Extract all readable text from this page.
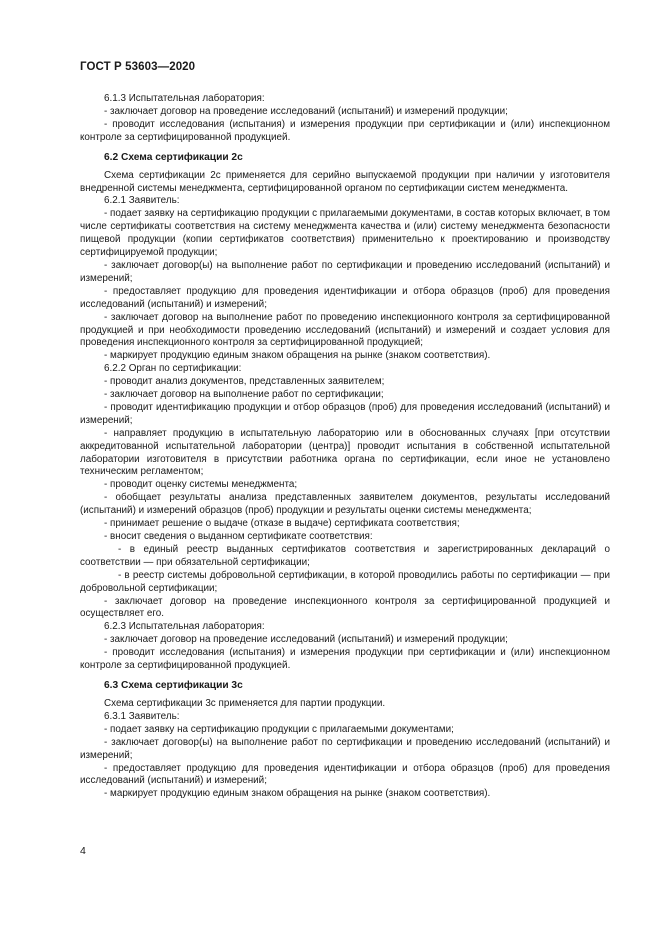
ГОСТ Р 53603—2020

6.1.3 Испытательная лаборатория:

- заключает договор на проведение исследований (испытаний) и измерений продукции;

- проводит исследования (испытания) и измерения продукции при сертификации и (или) инспекционном контроле за сертифицированной продукцией.

6.2 Схема сертификации 2с

Схема сертификации 2с применяется для серийно выпускаемой продукции при наличии у изготовителя внедренной системы менеджмента, сертифицированной органом по сертификации систем менеджмента.

6.2.1 Заявитель:

- подает заявку на сертификацию продукции с прилагаемыми документами, в состав которых включает, в том числе сертификаты соответствия на систему менеджмента качества и (или) систему менеджмента безопасности пищевой продукции (копии сертификатов соответствия) применительно к проектированию и производству сертифицируемой продукции;

- заключает договор(ы) на выполнение работ по сертификации и проведению исследований (испытаний) и измерений;

- предоставляет продукцию для проведения идентификации и отбора образцов (проб) для проведения исследований (испытаний) и измерений;

- заключает договор на выполнение работ по проведению инспекционного контроля за сертифицированной продукцией и при необходимости проведению исследований (испытаний) и измерений и создает условия для проведения инспекционного контроля за сертифицированной продукцией;

- маркирует продукцию единым знаком обращения на рынке (знаком соответствия).

6.2.2 Орган по сертификации:

- проводит анализ документов, представленных заявителем;

- заключает договор на выполнение работ по сертификации;

- проводит идентификацию продукции и отбор образцов (проб) для проведения исследований (испытаний) и измерений;

- направляет продукцию в испытательную лабораторию или в обоснованных случаях [при отсутствии аккредитованной испытательной лаборатории (центра)] проводит испытания в собственной испытательной лаборатории изготовителя в присутствии работника органа по сертификации, если иное не установлено техническим регламентом;

- проводит оценку системы менеджмента;

- обобщает результаты анализа представленных заявителем документов, результаты исследований (испытаний) и измерений образцов (проб) продукции и результаты оценки системы менеджмента;

- принимает решение о выдаче (отказе в выдаче) сертификата соответствия;

- вносит сведения о выданном сертификате соответствия:

- в единый реестр выданных сертификатов соответствия и зарегистрированных деклараций о соответствии — при обязательной сертификации;

- в реестр системы добровольной сертификации, в которой проводились работы по сертификации — при добровольной сертификации;

- заключает договор на проведение инспекционного контроля за сертифицированной продукцией и осуществляет его.

6.2.3 Испытательная лаборатория:

- заключает договор на проведение исследований (испытаний) и измерений продукции;

- проводит исследования (испытания) и измерения продукции при сертификации и (или) инспекционном контроле за сертифицированной продукцией.

6.3 Схема сертификации 3с

Схема сертификации 3с применяется для партии продукции.

6.3.1 Заявитель:

- подает заявку на сертификацию продукции с прилагаемыми документами;

- заключает договор(ы) на выполнение работ по сертификации и проведению исследований (испытаний) и измерений;

- предоставляет продукцию для проведения идентификации и отбора образцов (проб) для проведения исследований (испытаний) и измерений;

- маркирует продукцию единым знаком обращения на рынке (знаком соответствия).

4
